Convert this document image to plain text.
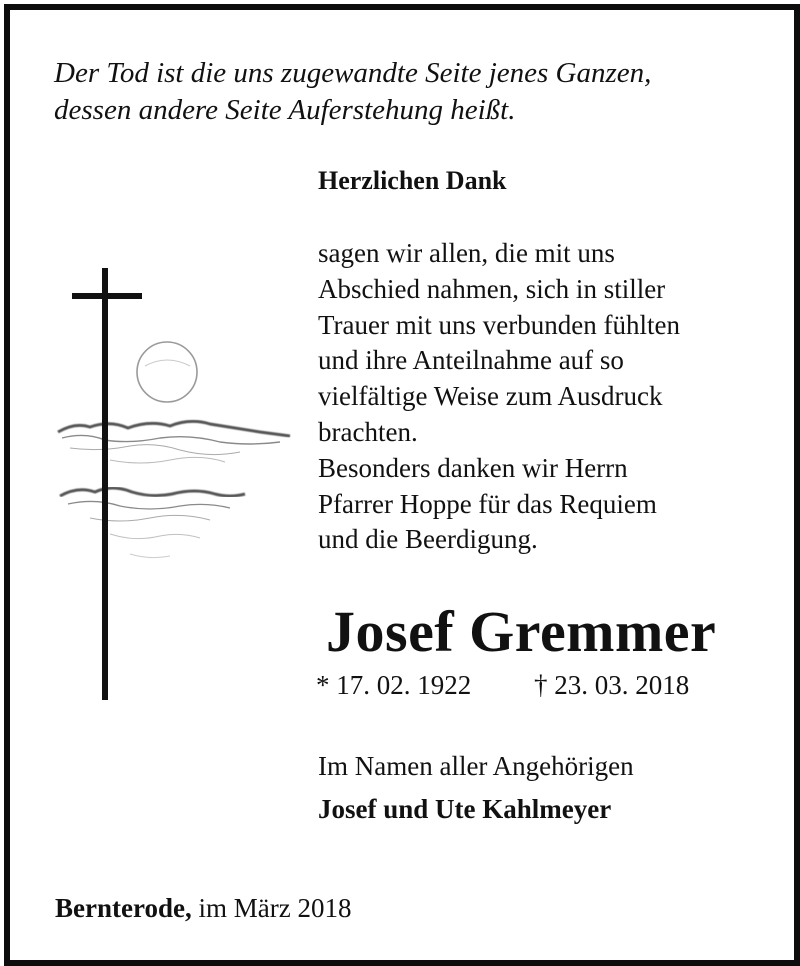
Der Tod ist die uns zugewandte Seite jenes Ganzen,
dessen andere Seite Auferstehung heißt.
Herzlichen Dank
sagen wir allen, die mit uns
Abschied nahmen, sich in stiller
Trauer mit uns verbunden fühlten
und ihre Anteilnahme auf so
vielfältige Weise zum Ausdruck
brachten.
Besonders danken wir Herrn
Pfarrer Hoppe für das Requiem
und die Beerdigung.
Josef Gremmer
* 17. 02. 1922 † 23. 03. 2018
Im Namen aller Angehörigen
Josef und Ute Kahlmeyer
Bernterode, im März 2018
